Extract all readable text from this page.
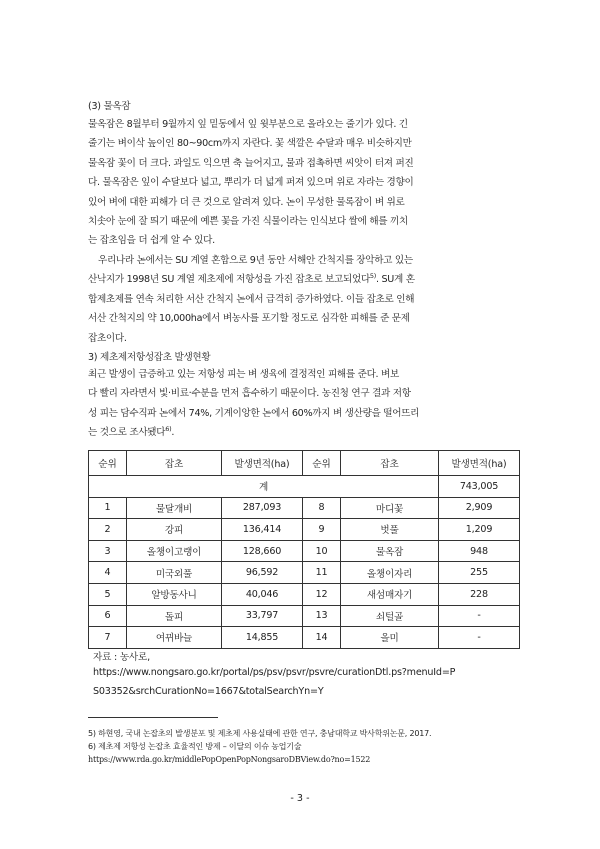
(3) 물옥잠

물옥잠은 8월부터 9월까지 잎 밑동에서 잎 윗부분으로 올라오는 줄기가 있다. 긴

줄기는 벼이삭 높이인 80~90cm까지 자란다. 꽃 색깔은 수달과 매우 비슷하지만

물옥잠 꽃이 더 크다. 과일도 익으면 축 늘어지고, 물과 접촉하면 씨앗이 터져 퍼진

다. 물옥잠은 잎이 수달보다 넓고, 뿌리가 더 넓게 퍼져 있으며 위로 자라는 경향이

있어 벼에 대한 피해가 더 큰 것으로 알려져 있다. 논이 무성한 물록잠이 벼 위로

치솟아 눈에 잘 띄기 때문에 예쁜 꽃을 가진 식물이라는 인식보다 쌀에 해를 끼치

는 잡초임을 더 쉽게 알 수 있다.

우리나라 논에서는 SU 계열 혼합으로 9년 동안 서해안 간척지를 장악하고 있는

산낙지가 1998년 SU 계열 제초제에 저항성을 가진 잡초로 보고되었다$^{5)}$. SU계 혼

합제초제를 연속 처리한 서산 간척지 논에서 급격히 증가하였다. 이들 잡초로 인해

서산 간척지의 약 10,000ha에서 벼농사를 포기할 정도로 심각한 피해를 준 문제

잡초이다.

3) 제초제저항성잡초 발생현황

최근 발생이 급증하고 있는 저항성 피는 벼 생육에 결정적인 피해를 준다. 벼보

다 빨리 자라면서 빛·비료·수분을 먼저 흡수하기 때문이다. 농진청 연구 결과 저항

성 피는 담수직파 논에서 74%, 기계이앙한 논에서 60%까지 벼 생산량을 떨어뜨리

는 것으로 조사됐다$^{6)}$.

순위	잡초	발생면적(ha)	순위	잡초	발생면적(ha)
계					743,005
1	물달개비	287,093	8	마디꽃	2,909
2	강피	136,414	9	벗풀	1,209
3	올챙이고랭이	128,660	10	물옥잠	948
4	미국외풀	96,592	11	올챙이자리	255
5	알방동사니	40,046	12	새섬매자기	228
6	돌피	33,797	13	쇠털골	-
7	여뀌바늘	14,855	14	올미	-
자료 : 농사로,
https://www.nongsaro.go.kr/portal/ps/psv/psvr/psvre/curationDtl.ps?menuId=P
S03352&srchCurationNo=1667&totalSearchYn=Y
5) 하현영, 국내 논잡초의 발생분포 및 제초제 사용실태에 관한 연구, 충남대학교 박사학위논문, 2017.
6) 제초제 저항성 논잡초 효율적인 방제 – 이달의 이슈 농업기술
https://www.rda.go.kr/middlePopOpenPopNongsaroDBView.do?no=1522
- 3 -
